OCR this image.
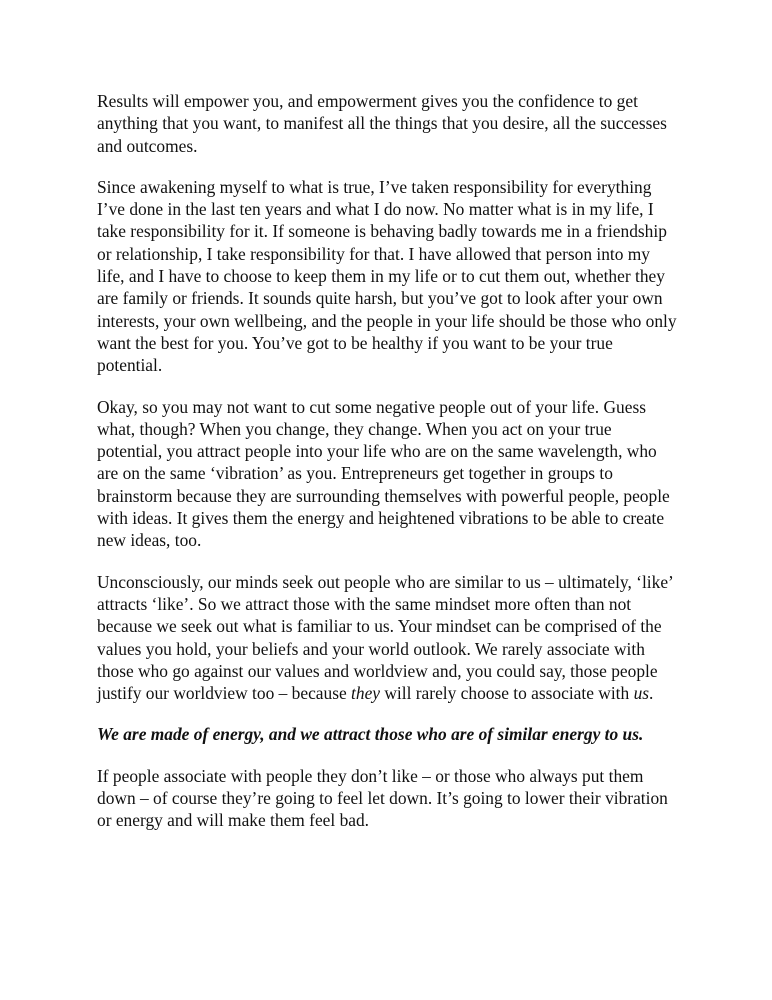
Results will empower you, and empowerment gives you the confidence to get anything that you want, to manifest all the things that you desire, all the successes and outcomes.

Since awakening myself to what is true, I’ve taken responsibility for everything I’ve done in the last ten years and what I do now. No matter what is in my life, I take responsibility for it. If someone is behaving badly towards me in a friendship or relationship, I take responsibility for that. I have allowed that person into my life, and I have to choose to keep them in my life or to cut them out, whether they are family or friends. It sounds quite harsh, but you’ve got to look after your own interests, your own wellbeing, and the people in your life should be those who only want the best for you. You’ve got to be healthy if you want to be your true potential.

Okay, so you may not want to cut some negative people out of your life. Guess what, though? When you change, they change. When you act on your true potential, you attract people into your life who are on the same wavelength, who are on the same ‘vibration’ as you. Entrepreneurs get together in groups to brainstorm because they are surrounding themselves with powerful people, people with ideas. It gives them the energy and heightened vibrations to be able to create new ideas, too.

Unconsciously, our minds seek out people who are similar to us – ultimately, ‘like’ attracts ‘like’. So we attract those with the same mindset more often than not because we seek out what is familiar to us. Your mindset can be comprised of the values you hold, your beliefs and your world outlook. We rarely associate with those who go against our values and worldview and, you could say, those people justify our worldview too – because they will rarely choose to associate with us.

We are made of energy, and we attract those who are of similar energy to us.

If people associate with people they don’t like – or those who always put them down – of course they’re going to feel let down. It’s going to lower their vibration or energy and will make them feel bad.
